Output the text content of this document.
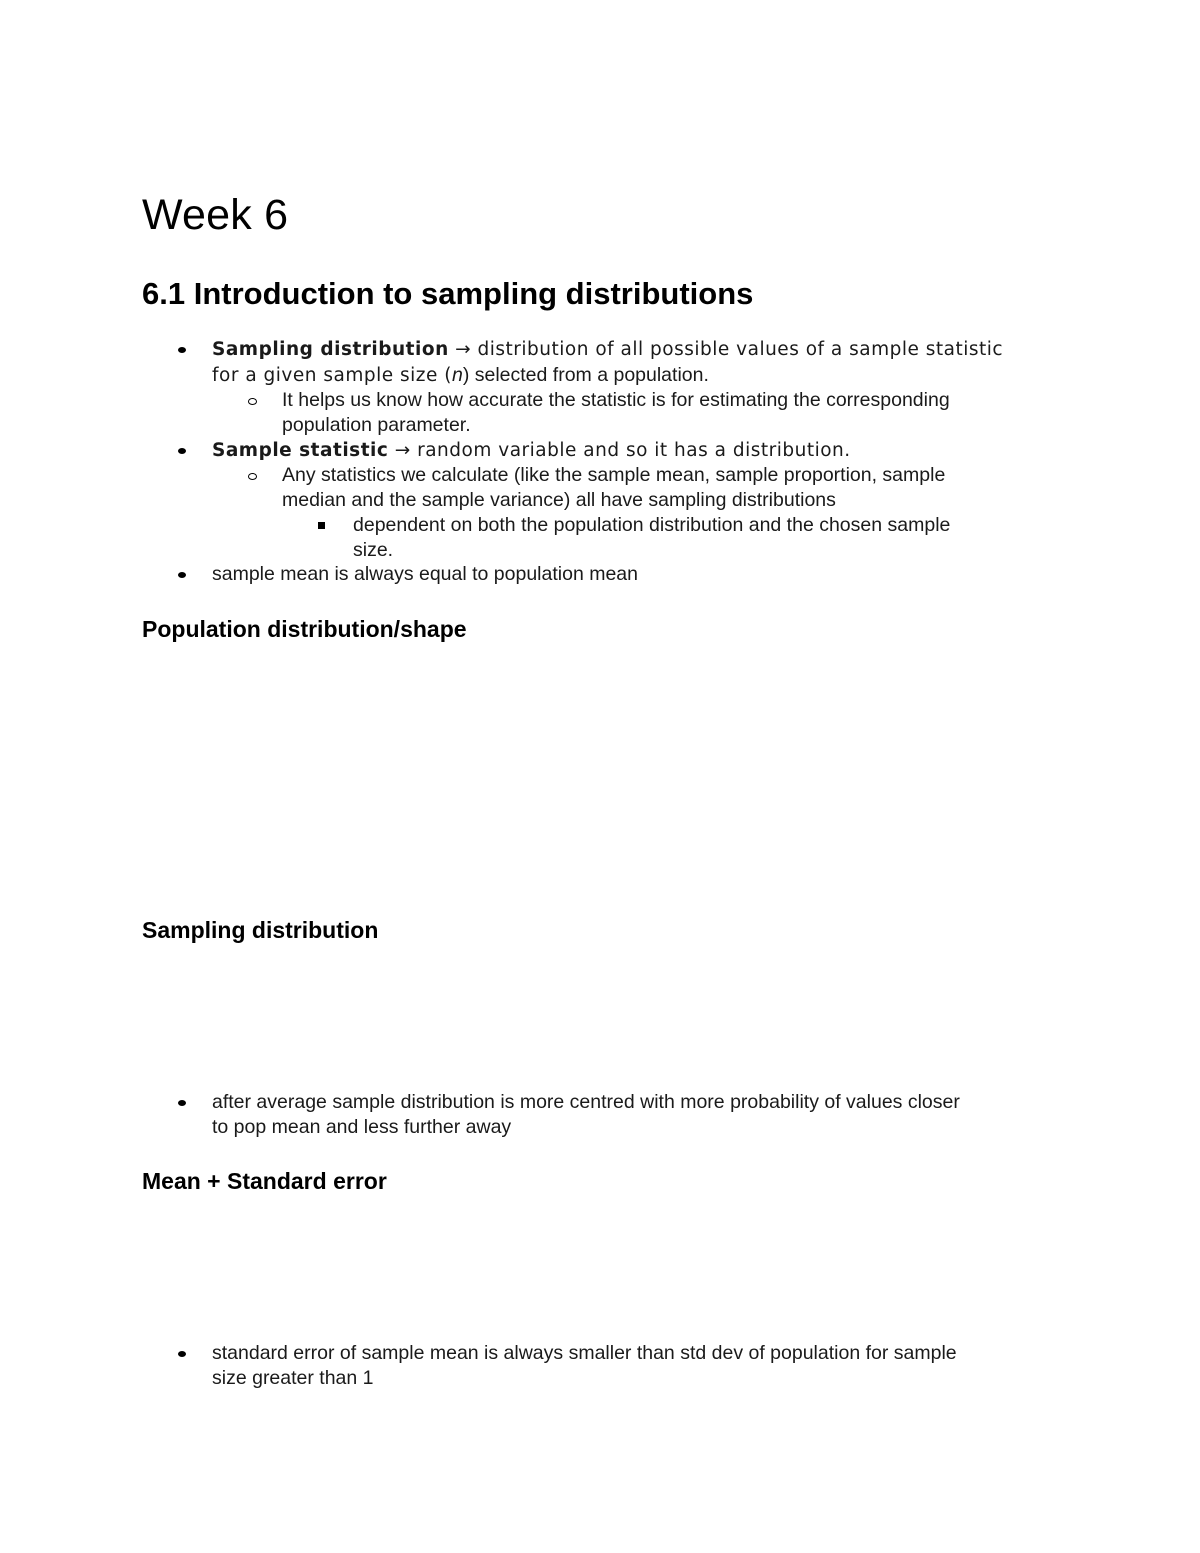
Week 6
6.1 Introduction to sampling distributions
Sampling distribution → distribution of all possible values of a sample statistic
for a given sample size (n) selected from a population.
It helps us know how accurate the statistic is for estimating the corresponding
population parameter.
Sample statistic → random variable and so it has a distribution.
Any statistics we calculate (like the sample mean, sample proportion, sample
median and the sample variance) all have sampling distributions
dependent on both the population distribution and the chosen sample
size.
sample mean is always equal to population mean
Population distribution/shape
Sampling distribution
after average sample distribution is more centred with more probability of values closer
to pop mean and less further away
Mean + Standard error
standard error of sample mean is always smaller than std dev of population for sample
size greater than 1
